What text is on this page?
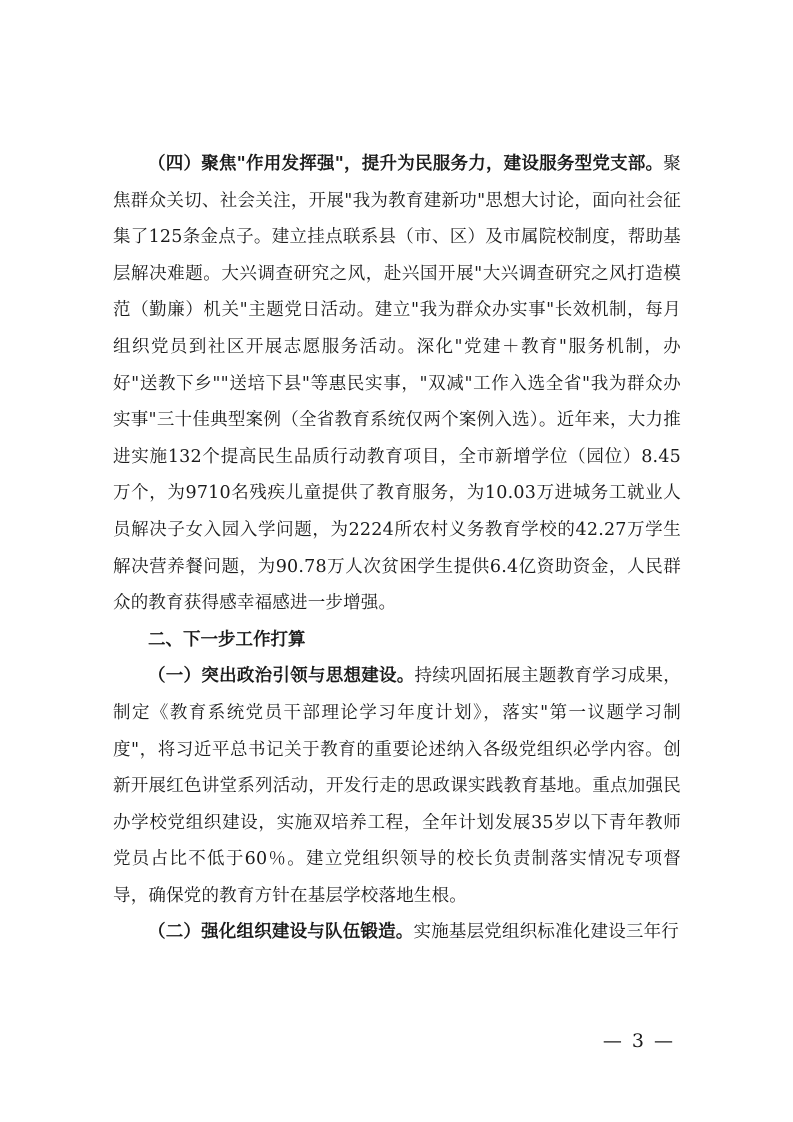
（四）聚焦"作用发挥强"，提升为民服务力，建设服务型党支部。聚焦群众关切、社会关注，开展"我为教育建新功"思想大讨论，面向社会征集了125条金点子。建立挂点联系县（市、区）及市属院校制度，帮助基层解决难题。大兴调查研究之风，赴兴国开展"大兴调查研究之风打造模范（勤廉）机关"主题党日活动。建立"我为群众办实事"长效机制，每月组织党员到社区开展志愿服务活动。深化"党建＋教育"服务机制，办好"送教下乡""送培下县"等惠民实事，"双减"工作入选全省"我为群众办实事"三十佳典型案例（全省教育系统仅两个案例入选）。近年来，大力推进实施132个提高民生品质行动教育项目，全市新增学位（园位）8.45万个，为9710名残疾儿童提供了教育服务，为10.03万进城务工就业人员解决子女入园入学问题，为2224所农村义务教育学校的42.27万学生解决营养餐问题，为90.78万人次贫困学生提供6.4亿资助资金，人民群众的教育获得感幸福感进一步增强。

二、下一步工作打算

（一）突出政治引领与思想建设。持续巩固拓展主题教育学习成果，制定《教育系统党员干部理论学习年度计划》，落实"第一议题学习制度"，将习近平总书记关于教育的重要论述纳入各级党组织必学内容。创新开展红色讲堂系列活动，开发行走的思政课实践教育基地。重点加强民办学校党组织建设，实施双培养工程，全年计划发展35岁以下青年教师党员占比不低于60％。建立党组织领导的校长负责制落实情况专项督导，确保党的教育方针在基层学校落地生根。

（二）强化组织建设与队伍锻造。实施基层党组织标准化建设三年行

— 3 —
